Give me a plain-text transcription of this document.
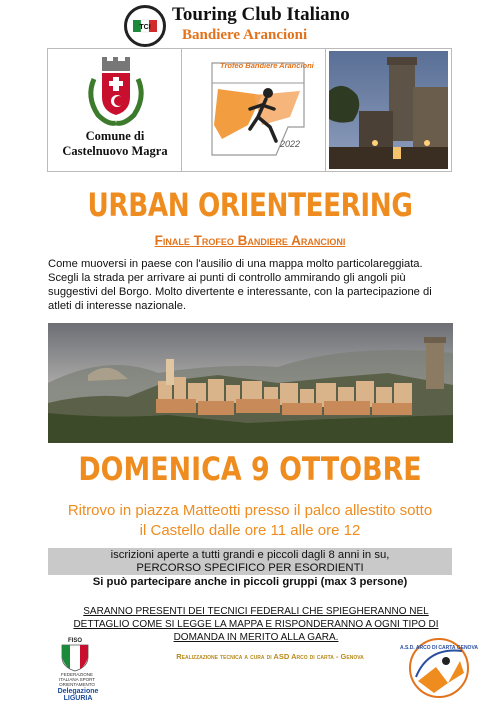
TCI
Touring Club Italiano
Bandiere Arancioni
Comune di
Castelnuovo Magra
Trofeo Bandiere Arancioni
2022
URBAN ORIENTEERING
Finale Trofeo Bandiere Arancioni
Come muoversi in paese con l'ausilio di una mappa molto particolareggiata. Scegli la strada per arrivare ai punti di controllo ammirando gli angoli più suggestivi del Borgo. Molto divertente e interessante, con la partecipazione di atleti di interesse nazionale.
DOMENICA 9 OTTOBRE
Ritrovo in piazza Matteotti presso il palco allestito sotto
il Castello dalle ore 11 alle ore 12
iscrizioni aperte a tutti grandi e piccoli dagli 8 anni in su,
PERCORSO SPECIFICO PER ESORDIENTI
Si può partecipare anche in piccoli gruppi (max 3 persone)
SARANNO PRESENTI DEI TECNICI FEDERALI CHE SPIEGHERANNO NEL DETTAGLIO COME SI LEGGE LA MAPPA E RISPONDERANNO A OGNI TIPO DI DOMANDA IN MERITO ALLA GARA.
FISO
FEDERAZIONE ITALIANA SPORT ORIENTAMENTO
Delegazione LIGURIA
Realizzazione tecnica a cura di ASD Arco di carta - Genova
A.S.D. ARCO DI CARTA GENOVA
